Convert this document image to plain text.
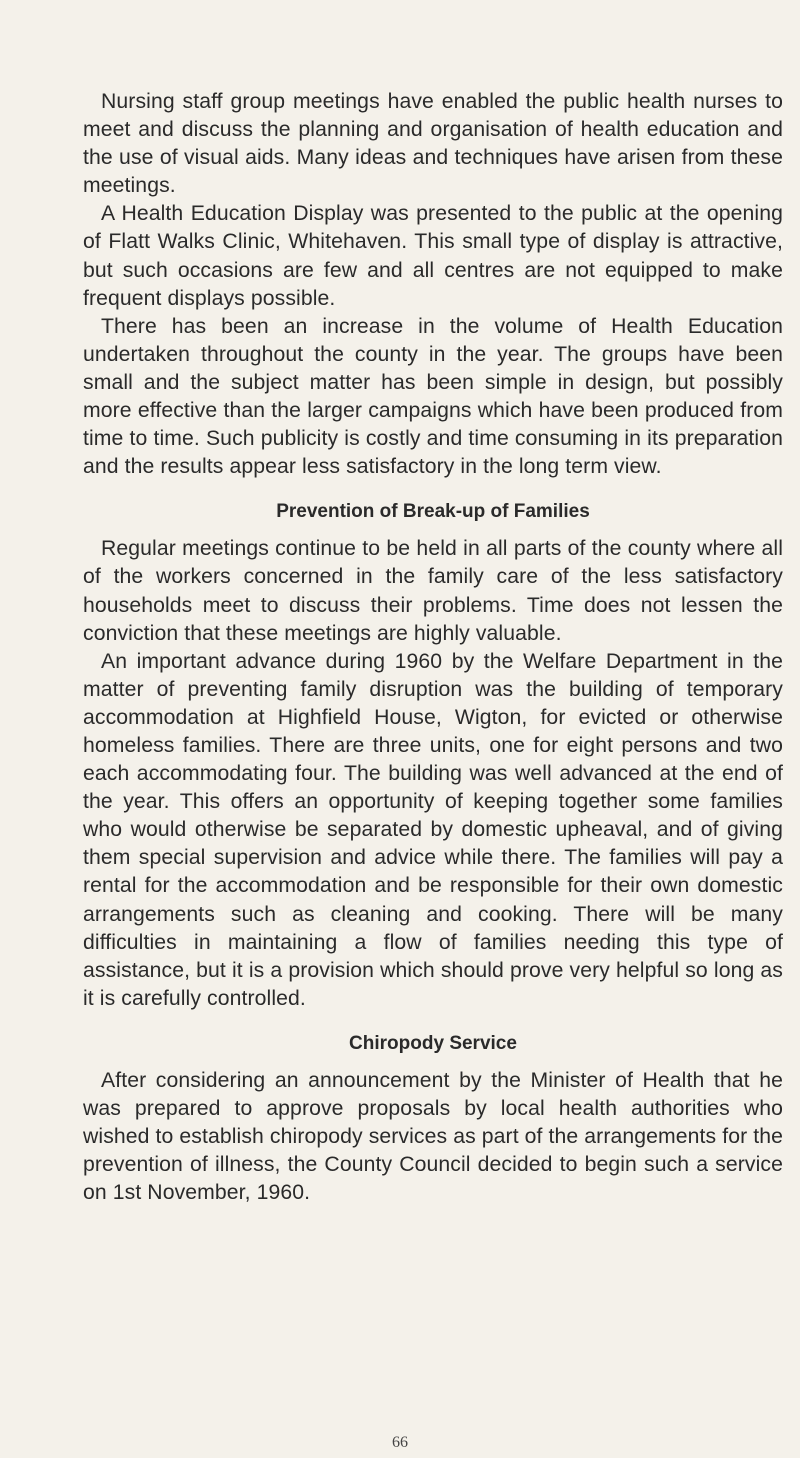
Nursing staff group meetings have enabled the public health nurses to meet and discuss the planning and organisation of health education and the use of visual aids. Many ideas and techniques have arisen from these meetings.

A Health Education Display was presented to the public at the opening of Flatt Walks Clinic, Whitehaven. This small type of display is attractive, but such occasions are few and all centres are not equipped to make frequent displays possible.

There has been an increase in the volume of Health Education undertaken throughout the county in the year. The groups have been small and the subject matter has been simple in design, but possibly more effective than the larger campaigns which have been produced from time to time. Such publicity is costly and time consuming in its preparation and the results appear less satisfactory in the long term view.

Prevention of Break-up of Families

Regular meetings continue to be held in all parts of the county where all of the workers concerned in the family care of the less satisfactory households meet to discuss their problems. Time does not lessen the conviction that these meetings are highly valuable.

An important advance during 1960 by the Welfare Department in the matter of preventing family disruption was the building of temporary accommodation at Highfield House, Wigton, for evicted or otherwise homeless families. There are three units, one for eight persons and two each accommodating four. The building was well advanced at the end of the year. This offers an opportunity of keeping together some families who would otherwise be separated by domestic upheaval, and of giving them special supervision and advice while there. The families will pay a rental for the accommodation and be responsible for their own domestic arrangements such as cleaning and cooking. There will be many difficulties in maintaining a flow of families needing this type of assistance, but it is a provision which should prove very helpful so long as it is carefully controlled.

Chiropody Service

After considering an announcement by the Minister of Health that he was prepared to approve proposals by local health authorities who wished to establish chiropody services as part of the arrangements for the prevention of illness, the County Council decided to begin such a service on 1st November, 1960.

66
